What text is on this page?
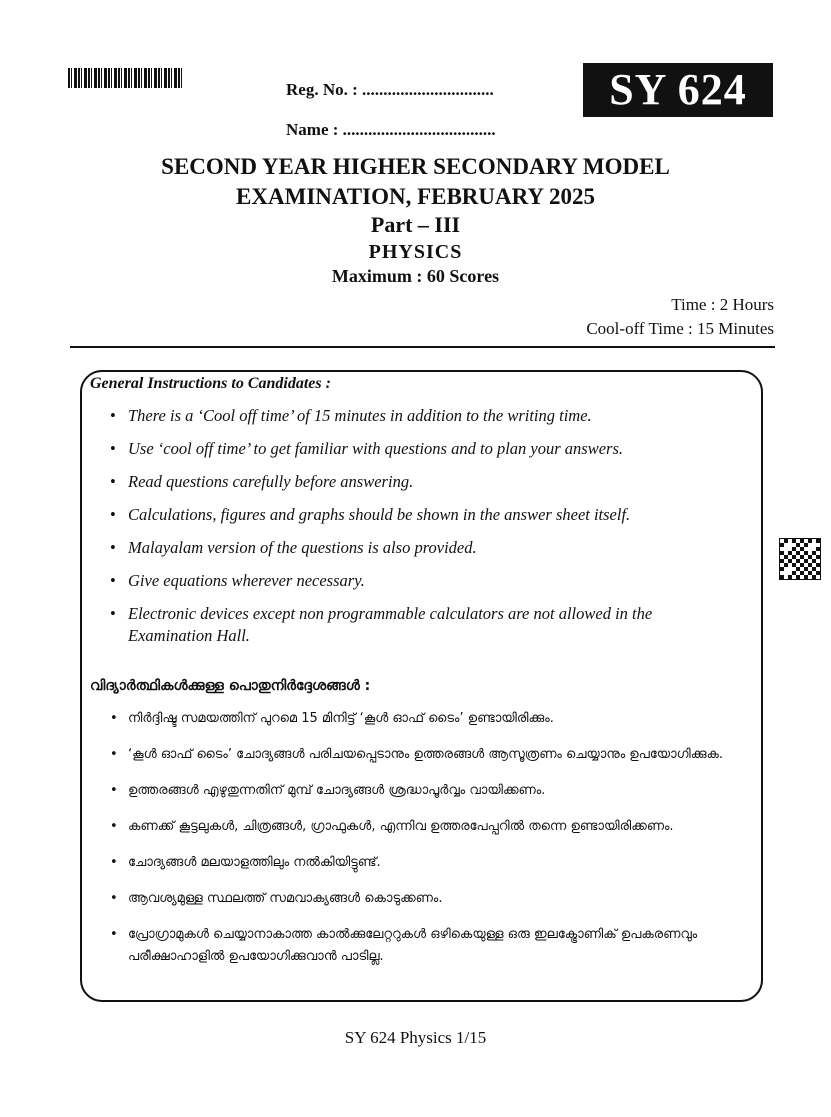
Reg. No. : ...............................
Name : ....................................
SY 624
SECOND YEAR HIGHER SECONDARY MODEL
EXAMINATION, FEBRUARY 2025
Part – III
PHYSICS
Maximum : 60 Scores
Time : 2 Hours
Cool-off Time : 15 Minutes
General Instructions to Candidates :
• There is a ‘Cool off time’ of 15 minutes in addition to the writing time.
• Use ‘cool off time’ to get familiar with questions and to plan your answers.
• Read questions carefully before answering.
• Calculations, figures and graphs should be shown in the answer sheet itself.
• Malayalam version of the questions is also provided.
• Give equations wherever necessary.
• Electronic devices except non programmable calculators are not allowed in the Examination Hall.
വിദ്യാർത്ഥികൾക്കുള്ള പൊതുനിർദ്ദേശങ്ങൾ :
• നിർദ്ദിഷ്ട സമയത്തിന് പുറമെ 15 മിനിട്ട് ‘കൂൾ ഓഫ് ടൈം’ ഉണ്ടായിരിക്കും.
• ‘കൂൾ ഓഫ് ടൈം’ ചോദ്യങ്ങൾ പരിചയപ്പെടാനും ഉത്തരങ്ങൾ ആസൂത്രണം ചെയ്യാനും ഉപയോഗിക്കുക.
• ഉത്തരങ്ങൾ എഴുതുന്നതിന് മുമ്പ് ചോദ്യങ്ങൾ ശ്രദ്ധാപൂർവ്വം വായിക്കണം.
• കണക്ക് കൂട്ടലുകൾ, ചിത്രങ്ങൾ, ഗ്രാഫുകൾ, എന്നിവ ഉത്തരപേപ്പറിൽ തന്നെ ഉണ്ടായിരിക്കണം.
• ചോദ്യങ്ങൾ മലയാളത്തിലും നൽകിയിട്ടുണ്ട്.
• ആവശ്യമുള്ള സ്ഥലത്ത് സമവാക്യങ്ങൾ കൊടുക്കണം.
• പ്രോഗ്രാമുകൾ ചെയ്യാനാകാത്ത കാൽക്കുലേറ്ററുകൾ ഒഴികെയുള്ള ഒരു ഇലക്ട്രോണിക് ഉപകരണവും പരീക്ഷാഹാളിൽ ഉപയോഗിക്കുവാൻ പാടില്ല.
SY 624 Physics 1/15
